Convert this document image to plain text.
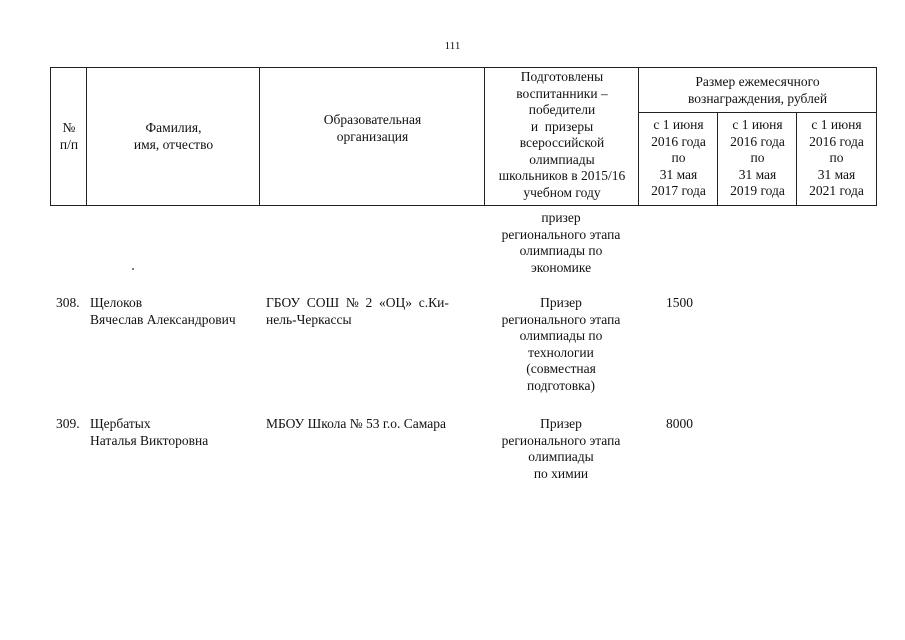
111
№
п/п
Фамилия,
имя, отчество
Образовательная
организация
Подготовлены
воспитанники –
победители
и  призеры
всероссийской
олимпиады
школьников в 2015/16
учебном году
Размер ежемесячного
вознаграждения, рублей
с 1 июня
2016 года
по
31 мая
2017 года
с 1 июня
2016 года
по
31 мая
2019 года
с 1 июня
2016 года
по
31 мая
2021 года
призер
регионального этапа
олимпиады по
экономике
308. Щелоков
Вячеслав Александрович
ГБОУ  СОШ  №  2  «ОЦ»  с.Ки-
нель-Черкассы
Призер
регионального этапа
олимпиады по
технологии
(совместная
подготовка)
1500
309. Щербатых
Наталья Викторовна
МБОУ Школа № 53 г.о. Самара	Призер
регионального этапа
олимпиады
по химии
8000
